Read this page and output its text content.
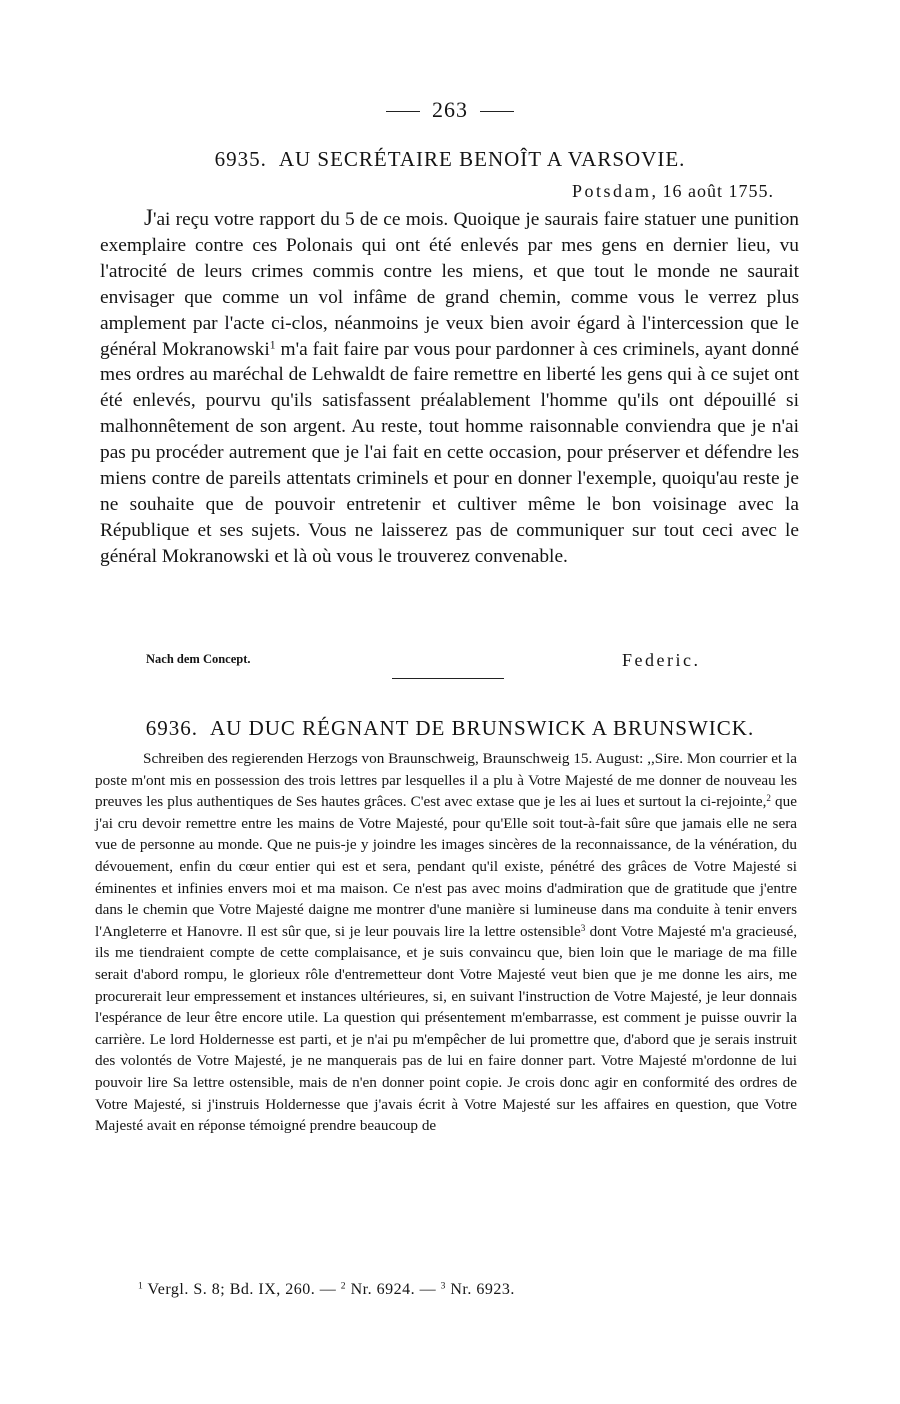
263
6935. AU SECRÉTAIRE BENOÎT A VARSOVIE.
Potsdam, 16 août 1755.
J'ai reçu votre rapport du 5 de ce mois. Quoique je saurais faire statuer une punition exemplaire contre ces Polonais qui ont été enlevés par mes gens en dernier lieu, vu l'atrocité de leurs crimes commis contre les miens, et que tout le monde ne saurait envisager que comme un vol infâme de grand chemin, comme vous le verrez plus amplement par l'acte ci-clos, néanmoins je veux bien avoir égard à l'intercession que le général Mokranowski$^1$ m'a fait faire par vous pour pardonner à ces criminels, ayant donné mes ordres au maréchal de Lehwaldt de faire remettre en liberté les gens qui à ce sujet ont été enlevés, pourvu qu'ils satisfassent préalablement l'homme qu'ils ont dépouillé si malhonnêtement de son argent. Au reste, tout homme raisonnable conviendra que je n'ai pas pu procéder autrement que je l'ai fait en cette occasion, pour préserver et défendre les miens contre de pareils attentats criminels et pour en donner l'exemple, quoiqu'au reste je ne souhaite que de pouvoir entretenir et cultiver même le bon voisinage avec la République et ses sujets. Vous ne laisserez pas de communiquer sur tout ceci avec le général Mokranowski et là où vous le trouverez convenable.
Nach dem Concept.	Federic.
6936. AU DUC RÉGNANT DE BRUNSWICK A BRUNSWICK.
Schreiben des regierenden Herzogs von Braunschweig, Braunschweig 15. August: ,,Sire. Mon courrier et la poste m'ont mis en possession des trois lettres par lesquelles il a plu à Votre Majesté de me donner de nouveau les preuves les plus authentiques de Ses hautes grâces. C'est avec extase que je les ai lues et surtout la ci-rejointe,$^2$ que j'ai cru devoir remettre entre les mains de Votre Majesté, pour qu'Elle soit tout-à-fait sûre que jamais elle ne sera vue de personne au monde. Que ne puis-je y joindre les images sincères de la reconnaissance, de la vénération, du dévouement, enfin du cœur entier qui est et sera, pendant qu'il existe, pénétré des grâces de Votre Majesté si éminentes et infinies envers moi et ma maison. Ce n'est pas avec moins d'admiration que de gratitude que j'entre dans le chemin que Votre Majesté daigne me montrer d'une manière si lumineuse dans ma conduite à tenir envers l'Angleterre et Hanovre. Il est sûr que, si je leur pouvais lire la lettre ostensible$^3$ dont Votre Majesté m'a gracieusé, ils me tiendraient compte de cette complaisance, et je suis convaincu que, bien loin que le mariage de ma fille serait d'abord rompu, le glorieux rôle d'entremetteur dont Votre Majesté veut bien que je me donne les airs, me procurerait leur empressement et instances ultérieures, si, en suivant l'instruction de Votre Majesté, je leur donnais l'espérance de leur être encore utile. La question qui présentement m'embarrasse, est comment je puisse ouvrir la carrière. Le lord Holdernesse est parti, et je n'ai pu m'empêcher de lui promettre que, d'abord que je serais instruit des volontés de Votre Majesté, je ne manquerais pas de lui en faire donner part. Votre Majesté m'ordonne de lui pouvoir lire Sa lettre ostensible, mais de n'en donner point copie. Je crois donc agir en conformité des ordres de Votre Majesté, si j'instruis Holdernesse que j'avais écrit à Votre Majesté sur les affaires en question, que Votre Majesté avait en réponse témoigné prendre beaucoup de
$^1$ Vergl. S. 8; Bd. IX, 260. — $^2$ Nr. 6924. — $^3$ Nr. 6923.
